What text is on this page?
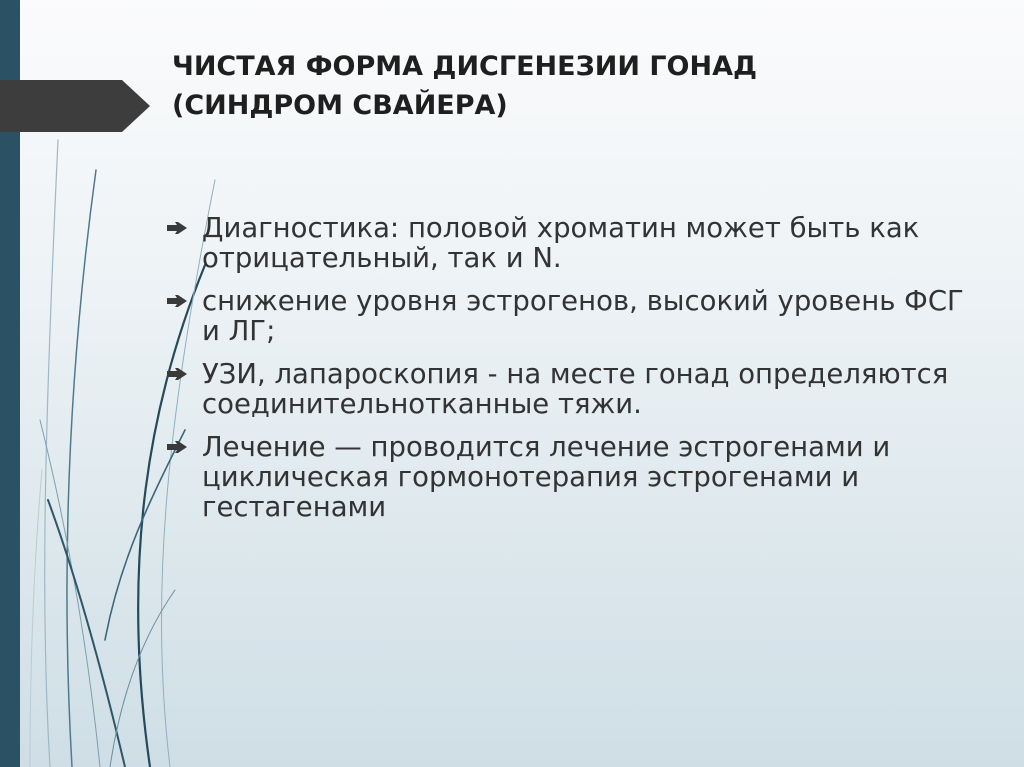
ЧИСТАЯ ФОРМА ДИСГЕНЕЗИИ ГОНАД
(СИНДРОМ СВАЙЕРА)
Диагностика: половой хроматин может быть как отрицательный, так и N.
снижение уровня эстрогенов, высокий уровень ФСГ и ЛГ;
УЗИ, лапароскопия - на месте гонад определяются соединительнотканные тяжи.
Лечение — проводится лечение эстрогенами и циклическая гормонотерапия эстрогенами и гестагенами
